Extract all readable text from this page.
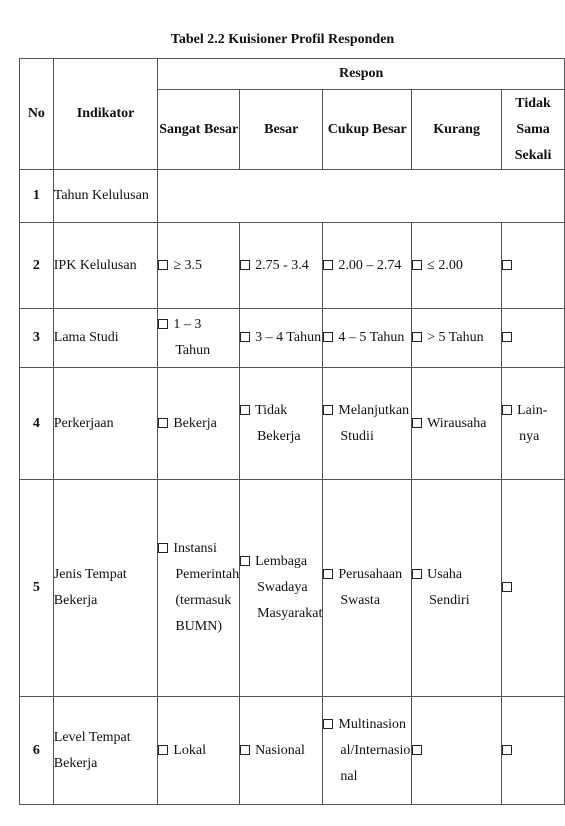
Tabel 2.2 Kuisioner Profil Responden
No	Indikator	Respon				
		Sangat Besar	Besar	Cukup Besar	Kurang	Tidak Sama Sekali
1	Tahun Kelulusan					
2	IPK Kelulusan	≥ 3.5	2.75 - 3.4	2.00 – 2.74	≤ 2.00	

3	Lama Studi	1 – 3 Tahun	3 – 4 Tahun	4 – 5 Tahun	> 5 Tahun	

4	Perkerjaan	Bekerja	Tidak Bekerja	Melanjutkan Studii	Wirausaha	Lain-nya

5	Jenis Tempat Bekerja	Instansi Pemerintah (termasuk BUMN)	Lembaga Swadaya Masyarakat	Perusahaan Swasta	Usaha Sendiri	

6	Level Tempat Bekerja	Lokal	Nasional	Multinasional/Internasional		
